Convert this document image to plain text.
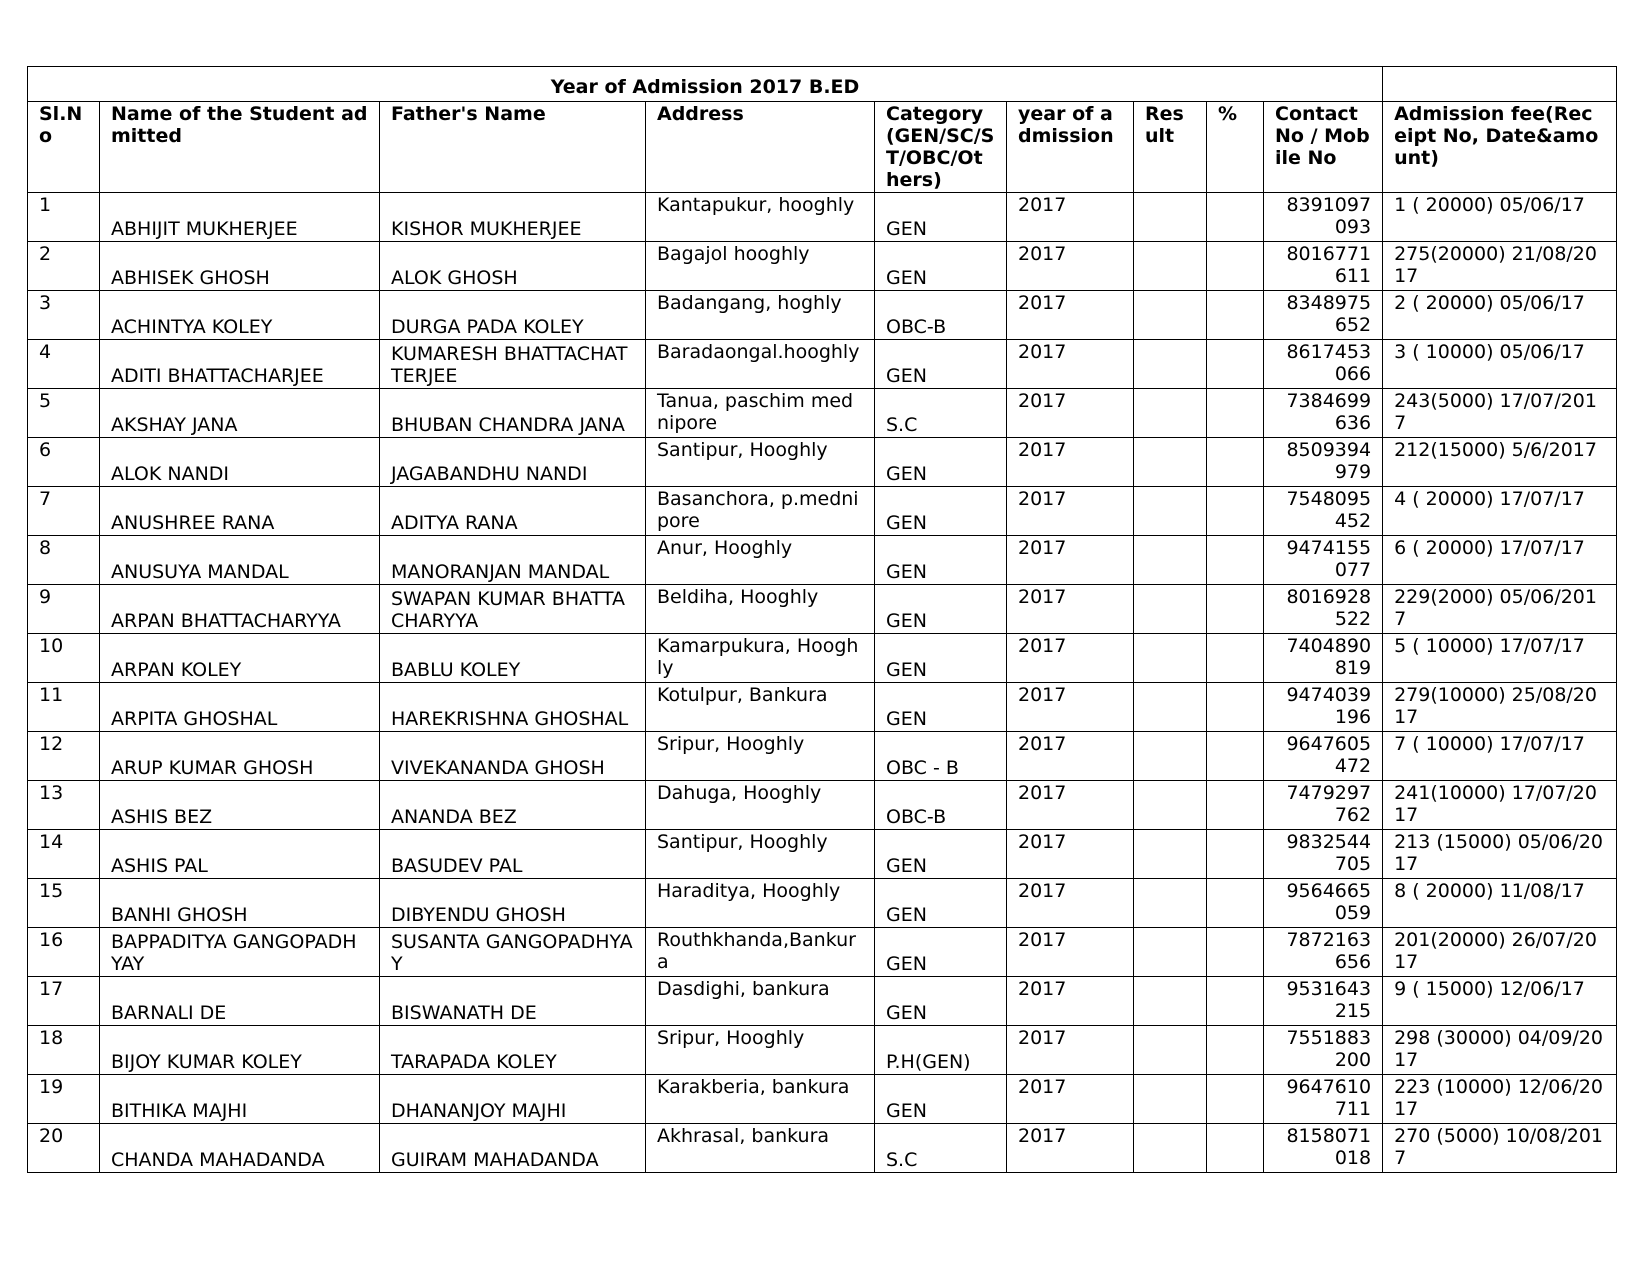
Year of Admission 2017 B.ED									
Sl.No	Name of the Student admitted	Father's Name	Address	Category (GEN/SC/ST/OBC/Others)	year of admission	Result	%	Contact No / Mobile No	Admission fee(Receipt No, Date&amount)
1	ABHIJIT MUKHERJEE	KISHOR MUKHERJEE	Kantapukur, hooghly	GEN	2017			8391097093	1 ( 20000) 05/06/17
2	ABHISEK GHOSH	ALOK GHOSH	Bagajol hooghly	GEN	2017			8016771611	275(20000) 21/08/2017
3	ACHINTYA KOLEY	DURGA PADA KOLEY	Badangang, hoghly	OBC-B	2017			8348975652	2 ( 20000) 05/06/17
4	ADITI BHATTACHARJEE	KUMARESH BHATTACHATTERJEE	Baradaongal.hooghly	GEN	2017			8617453066	3 ( 10000) 05/06/17
5	AKSHAY JANA	BHUBAN CHANDRA JANA	Tanua, paschim mednipore	S.C	2017			7384699636	243(5000) 17/07/2017
6	ALOK NANDI	JAGABANDHU NANDI	Santipur, Hooghly	GEN	2017			8509394979	212(15000) 5/6/2017
7	ANUSHREE RANA	ADITYA RANA	Basanchora, p.mednipore	GEN	2017			7548095452	4 ( 20000) 17/07/17
8	ANUSUYA MANDAL	MANORANJAN MANDAL	Anur, Hooghly	GEN	2017			9474155077	6 ( 20000) 17/07/17
9	ARPAN BHATTACHARYYA	SWAPAN KUMAR BHATTACHARYYA	Beldiha, Hooghly	GEN	2017			8016928522	229(2000) 05/06/2017
10	ARPAN KOLEY	BABLU KOLEY	Kamarpukura, Hooghly	GEN	2017			7404890819	5 ( 10000) 17/07/17
11	ARPITA GHOSHAL	HAREKRISHNA GHOSHAL	Kotulpur, Bankura	GEN	2017			9474039196	279(10000) 25/08/2017
12	ARUP KUMAR GHOSH	VIVEKANANDA GHOSH	Sripur, Hooghly	OBC - B	2017			9647605472	7 ( 10000) 17/07/17
13	ASHIS BEZ	ANANDA BEZ	Dahuga, Hooghly	OBC-B	2017			7479297762	241(10000) 17/07/2017
14	ASHIS PAL	BASUDEV PAL	Santipur, Hooghly	GEN	2017			9832544705	213 (15000) 05/06/2017
15	BANHI GHOSH	DIBYENDU GHOSH	Haraditya, Hooghly	GEN	2017			9564665059	8 ( 20000) 11/08/17
16	BAPPADITYA GANGOPADHYAY	SUSANTA GANGOPADHYAY	Routhkhanda,Bankura	GEN	2017			7872163656	201(20000) 26/07/2017
17	BARNALI DE	BISWANATH DE	Dasdighi, bankura	GEN	2017			9531643215	9 ( 15000) 12/06/17
18	BIJOY KUMAR KOLEY	TARAPADA KOLEY	Sripur, Hooghly	P.H(GEN)	2017			7551883200	298 (30000) 04/09/2017
19	BITHIKA MAJHI	DHANANJOY MAJHI	Karakberia, bankura	GEN	2017			9647610711	223 (10000) 12/06/2017
20	CHANDA MAHADANDA	GUIRAM MAHADANDA	Akhrasal, bankura	S.C	2017			8158071018	270 (5000) 10/08/2017
